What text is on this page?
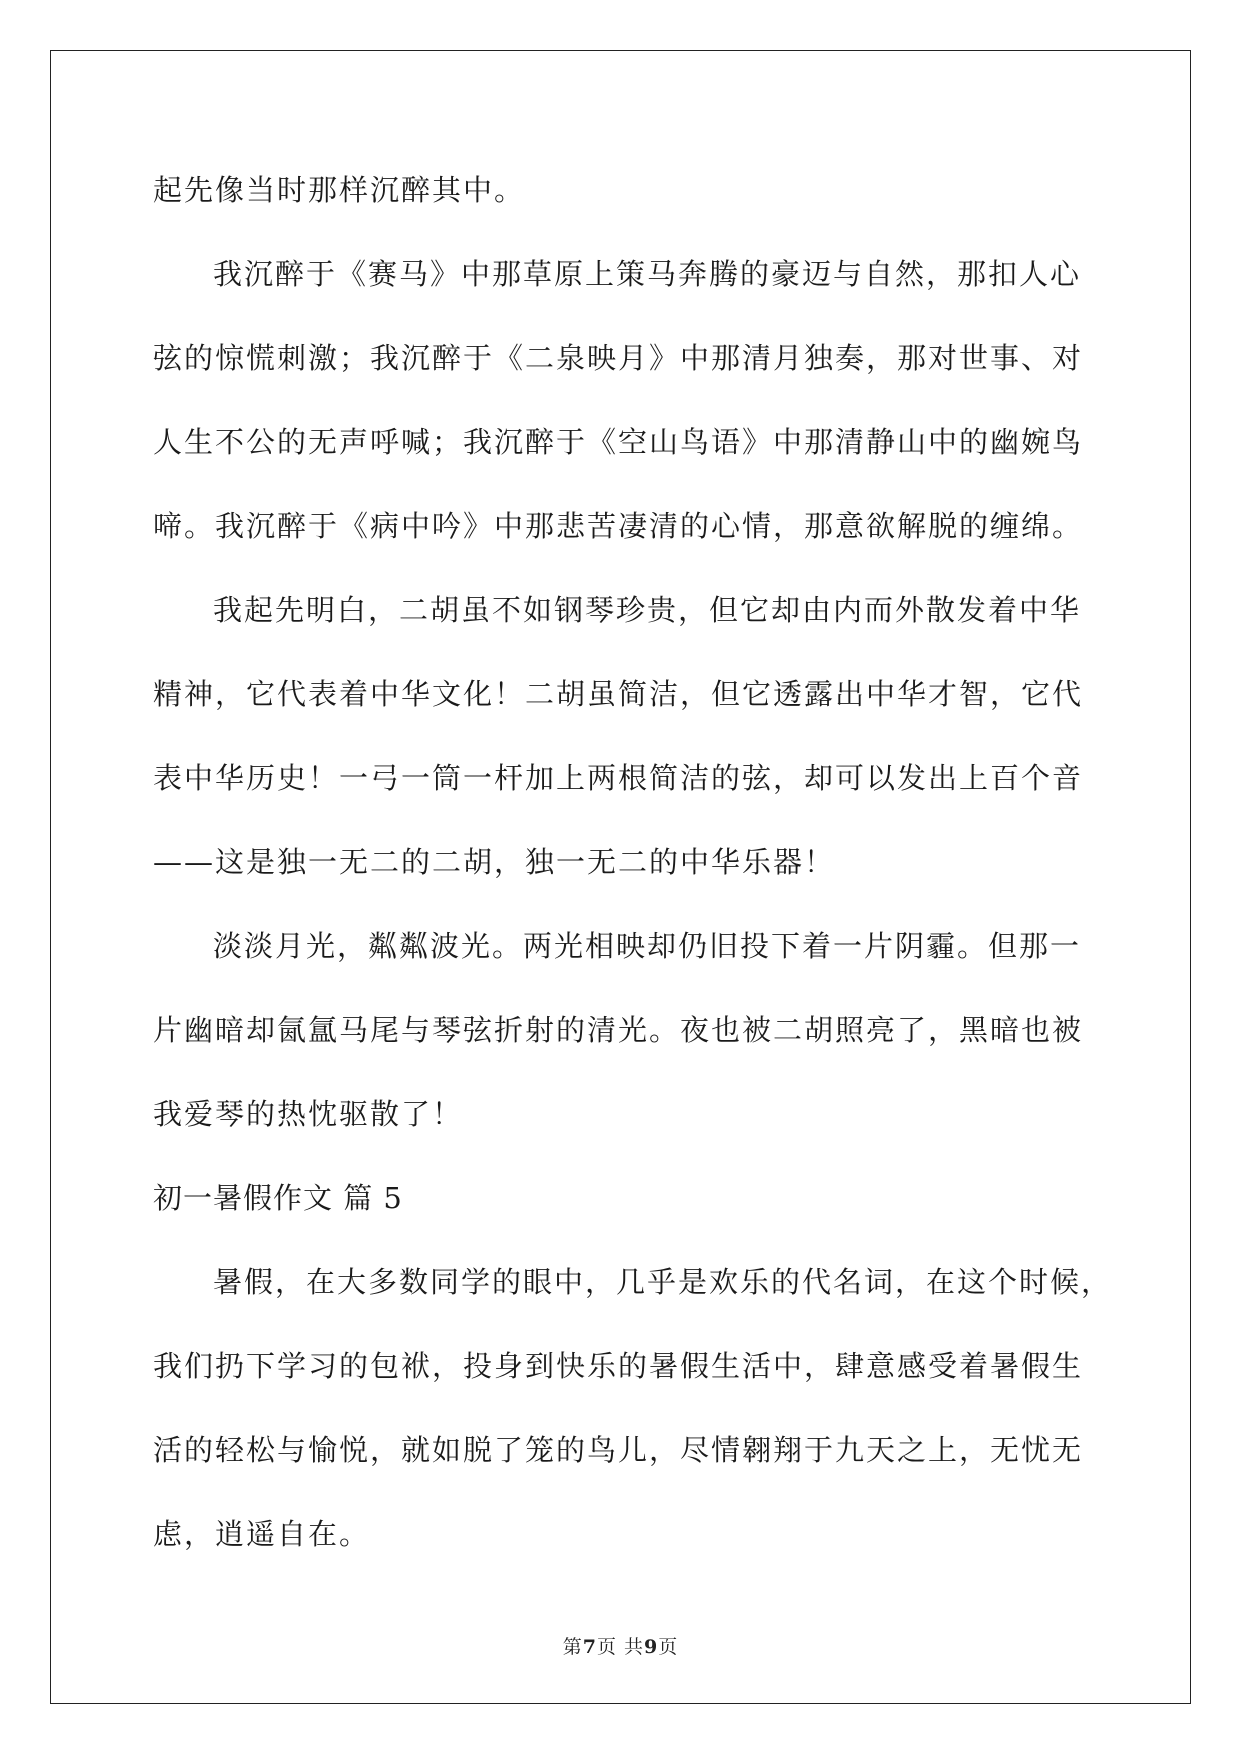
起先像当时那样沉醉其中。
我沉醉于《赛马》中那草原上策马奔腾的豪迈与自然，那扣人心
弦的惊慌刺激；我沉醉于《二泉映月》中那清月独奏，那对世事、对
人生不公的无声呼喊；我沉醉于《空山鸟语》中那清静山中的幽婉鸟
啼。我沉醉于《病中吟》中那悲苦凄清的心情，那意欲解脱的缠绵。
我起先明白，二胡虽不如钢琴珍贵，但它却由内而外散发着中华
精神，它代表着中华文化！二胡虽简洁，但它透露出中华才智，它代
表中华历史！一弓一筒一杆加上两根简洁的弦，却可以发出上百个音
——这是独一无二的二胡，独一无二的中华乐器！
淡淡月光，粼粼波光。两光相映却仍旧投下着一片阴霾。但那一
片幽暗却氤氲马尾与琴弦折射的清光。夜也被二胡照亮了，黑暗也被
我爱琴的热忱驱散了！
初一暑假作文 篇 5
暑假，在大多数同学的眼中，几乎是欢乐的代名词，在这个时候，
我们扔下学习的包袱，投身到快乐的暑假生活中，肆意感受着暑假生
活的轻松与愉悦，就如脱了笼的鸟儿，尽情翱翔于九天之上，无忧无
虑，逍遥自在。
第7页 共9页
